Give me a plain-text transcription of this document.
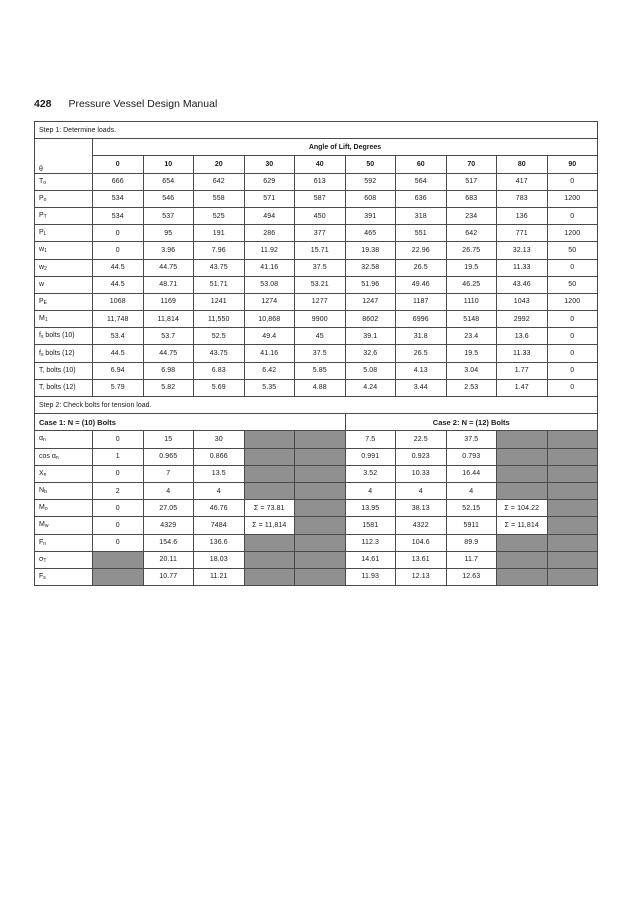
428 Pressure Vessel Design Manual
Step 1: Determine loads.										
θ	Angle of Lift, Degrees									
	0	10	20	30	40	50	60	70	80	90
$T_o$	666	654	642	629	613	592	564	517	417	0
$P_o$	534	546	558	571	587	608	636	683	783	1200
$P_T$	534	537	525	494	450	391	318	234	136	0
$P_L$	0	95	191	286	377	465	551	642	771	1200
$w_1$	0	3.96	7.96	11.92	15.71	19.38	22.96	26.75	32.13	50
$w_2$	44.5	44.75	43.75	41.16	37.5	32.58	26.5	19.5	11.33	0
w	44.5	48.71	51.71	53.08	53.21	51.96	49.46	46.25	43.46	50
$P_E$	1068	1169	1241	1274	1277	1247	1187	1110	1043	1200
$M_1$	11,748	11,814	11,550	10,868	9900	8602	6996	5148	2992	0
$f_s$ bolts (10)	53.4	53.7	52.5	49.4	45	39.1	31.8	23.4	13.6	0
$f_s$ bolts (12)	44.5	44.75	43.75	41.16	37.5	32.6	26.5	19.5	11.33	0
T, bolts (10)	6.94	6.98	6.83	6.42	5.85	5.08	4.13	3.04	1.77	0
T, bolts (12)	5.79	5.82	5.69	5.35	4.88	4.24	3.44	2.53	1.47	0
Step 2: Check bolts for tension load.										
Case 1: N = (10) Bolts						Case 2: N = (12) Bolts				
$\alpha_n$	0	15	30			7.5	22.5	37.5		
$\cos \alpha_n$	1	0.965	0.866			0.991	0.923	0.793		
$X_n$	0	7	13.5			3.52	10.33	16.44		
$N_b$	2	4	4			4	4	4		
$M_o$	0	27.05	46.76	Σ = 73.81		13.95	38.13	52.15	Σ = 104.22	
$M_w$	0	4329	7484	Σ = 11,814		1581	4322	5911	Σ = 11,814	
$F_n$	0	154.6	136.6			112.3	104.6	89.9		
$\sigma_T$		20.11	18.03			14.61	13.61	11.7		
$F_s$		10.77	11.21			11.93	12.13	12.63		
